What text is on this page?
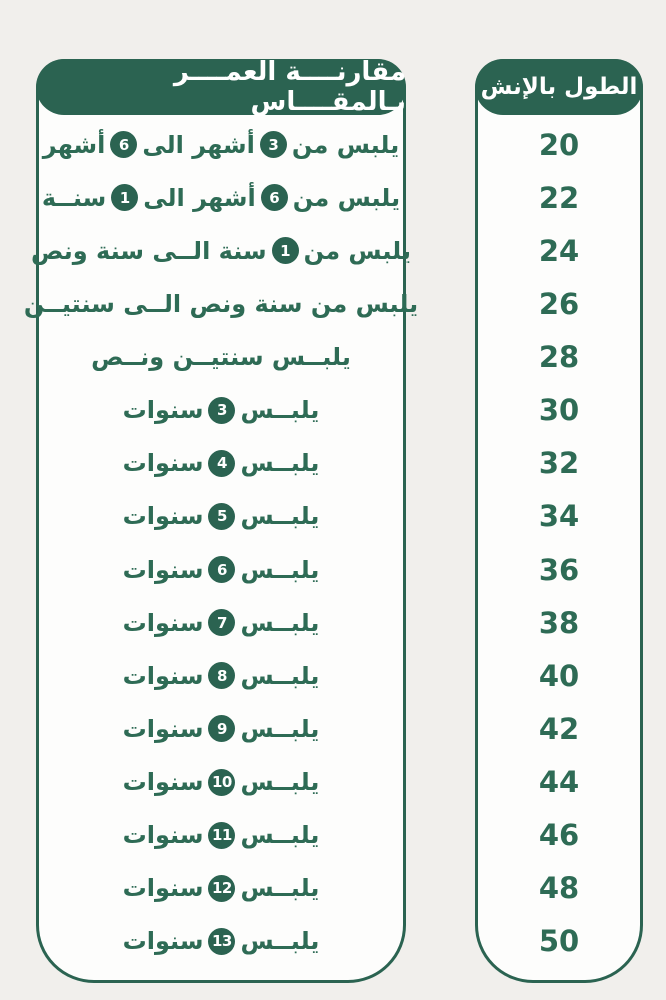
مقارنــــة العمــــر بـالمقــــاس
يلبس من
3
أشهر الى
6
أشهر
يلبس من
6
أشهر الى
1
سنــة
يلبس من
1
سنة الــى سنة ونص
يلبس من سنة ونص الــى سنتيــن
يلبــس سنتيــن ونــص
يلبــس
3
سنوات
يلبــس
4
سنوات
يلبــس
5
سنوات
يلبــس
6
سنوات
يلبــس
7
سنوات
يلبــس
8
سنوات
يلبــس
9
سنوات
يلبــس
10
سنوات
يلبــس
11
سنوات
يلبــس
12
سنوات
يلبــس
13
سنوات
الطول بالإنش
20
22
24
26
28
30
32
34
36
38
40
42
44
46
48
50
